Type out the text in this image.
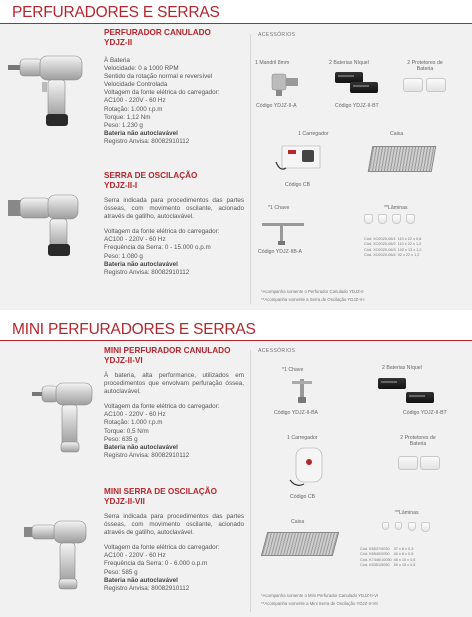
PERFURADORES E SERRAS
PERFURADOR CANULADO
YDJZ-II
À Bateria
Velocidade: 0 a 1000 RPM
Sentido da rotação normal e reversível
Velocidade Controlada
Voltagem da fonte elétrica do carregador:
AC100 - 220V - 60 Hz
Rotação: 1.000 r.p.m
Torque: 1,12 Nm
Peso: 1.230 g
Bateria não autoclavável
Registro Anvisa: 80082910112
SERRA DE OSCILAÇÃO
YDJZ-II-I
Serra indicada para procedimentos das partes ósseas, com movimento oscilante, acionado através de gatilho, autoclavável.
Voltagem da fonte elétrica do carregador:
AC100 - 220V - 60 Hz
Frequência da Serra: 0 - 15.000 o.p.m
Peso: 1.080 g
Bateria não autoclavável
Registro Anvisa: 80082910112
ACESSÓRIOS
1 Mandril 8mm
Código YDJZ-II-A
2 Baterias Níquel
Código YDJZ-II-BT
2 Protetores de Bateria
1 Carregador
Código CB
Caixa
*1 Chave
Código YDJZ-IIB-A
**Lâminas
Cód. XO2020-06/1	110 x 22 x 0,8
Cód. XO2020-06/2	110 x 22 x 1,2
Cód. XO2020-06/3	102 x 13 x 1,2
Cód. XO2020-06/4	92 x 22 x 1,2
*Acompanha somente o Perfurador Canulado YDJZ-II
**Acompanha somente a Serra de Oscilação YDJZ-II-I
MINI PERFURADORES E SERRAS
MINI PERFURADOR CANULADO
YDJZ-II-VI
À bateria, alta performance, utilizados em procedimentos que envolvam perfuração óssea, autoclavável.
Voltagem da fonte elétrica do carregador:
AC100 - 220V - 60 Hz
Rotação: 1.000 r.p.m
Torque: 0,5 N/m
Peso: 635 g
Bateria não autoclavável
Registro Anvisa: 80082910112
MINI SERRA DE OSCILAÇÃO
YDJZ-II-VII
Serra indicada para procedimentos das partes ósseas, com movimento oscilante, acionado através de gatilho, autoclavável.
Voltagem da fonte elétrica do carregador:
AC100 - 220V - 60 Hz
Frequência da Serra: 0 - 6.000 o.p.m
Peso: 585 g
Bateria não autoclavável
Registro Anvisa: 80082910112
ACESSÓRIOS
*1 Chave
Código YDJZ-II-BA
2 Baterias Níquel
Código YDJZ-II-BT
1 Carregador
Código CB
2 Protetores de Bateria
Caixa
**Lâminas
Cód. K6537/0030	37 x 8 x 0,3
Cód. K6540/0050	40 x 8 x 0,5
Cód. K7446/10050	46 x 10 x 0,5
Cód. K5351/5050	55 x 15 x 0,5
*Acompanha somente o Mini Perfurador Canulado YDJZ-II-VI
**Acompanha somente a Mini Serra de Oscilação YDJZ-II-VII
